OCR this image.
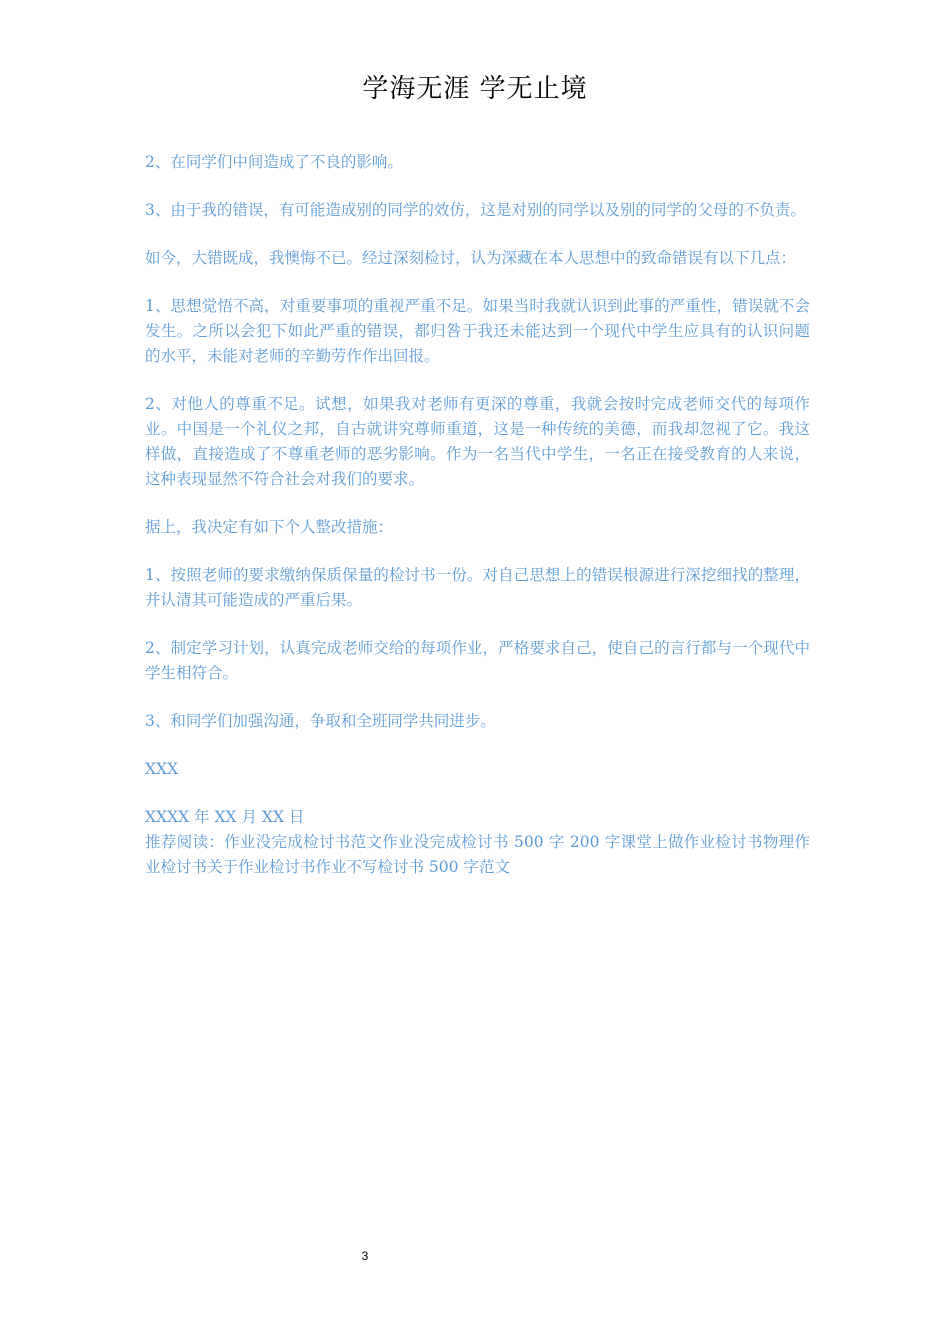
学海无涯 学无止境

2、在同学们中间造成了不良的影响。

3、由于我的错误，有可能造成别的同学的效仿，这是对别的同学以及别的同学的父母的不负责。

如今，大错既成，我懊悔不已。经过深刻检讨，认为深藏在本人思想中的致命错误有以下几点：

1、思想觉悟不高，对重要事项的重视严重不足。如果当时我就认识到此事的严重性，错误就不会发生。之所以会犯下如此严重的错误，都归咎于我还未能达到一个现代中学生应具有的认识问题的水平，未能对老师的辛勤劳作作出回报。

2、对他人的尊重不足。试想，如果我对老师有更深的尊重，我就会按时完成老师交代的每项作业。中国是一个礼仪之邦，自古就讲究尊师重道，这是一种传统的美德，而我却忽视了它。我这样做，直接造成了不尊重老师的恶劣影响。作为一名当代中学生，一名正在接受教育的人来说，这种表现显然不符合社会对我们的要求。

据上，我决定有如下个人整改措施：

1、按照老师的要求缴纳保质保量的检讨书一份。对自己思想上的错误根源进行深挖细找的整理，并认清其可能造成的严重后果。

2、制定学习计划，认真完成老师交给的每项作业，严格要求自己，使自己的言行都与一个现代中学生相符合。

3、和同学们加强沟通，争取和全班同学共同进步。

XXX

XXXX 年 XX 月 XX 日

推荐阅读：作业没完成检讨书范文作业没完成检讨书 500 字 200 字课堂上做作业检讨书物理作业检讨书关于作业检讨书作业不写检讨书 500 字范文

3
